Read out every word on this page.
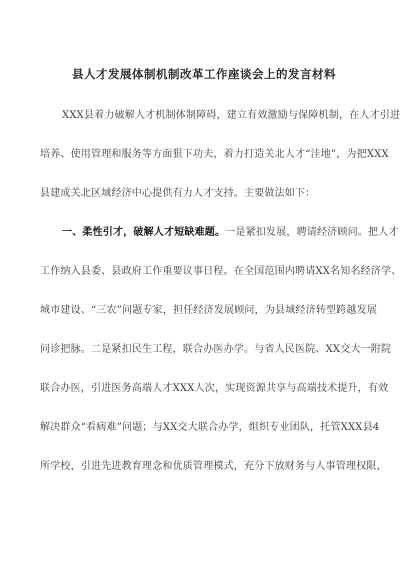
县人才发展体制机制改革工作座谈会上的发言材料
XXX县着力破解人才机制体制障碍，建立有效激励与保障机制，在人才引进
培养、使用管理和服务等方面狠下功夫，着力打造关北人才“洼地”，为把XXX
县建成关北区域经济中心提供有力人才支持。主要做法如下：
一、柔性引才，破解人才短缺难题。一是紧扣发展，聘请经济顾问。把人才
工作纳入县委、县政府工作重要议事日程。在全国范围内聘请XX名知名经济学、
城市建设、“三农”问题专家，担任经济发展顾问，为县域经济转型跨越发展
问诊把脉。二是紧扣民生工程，联合办医办学。与省人民医院、XX交大一附院
联合办医，引进医务高端人才XXX人次，实现资源共享与高端技术提升，有效
解决群众“看病难”问题；与XX交大联合办学，组织专业团队，托管XXX县4
所学校，引进先进教育理念和优质管理模式，充分下放财务与人事管理权限，
